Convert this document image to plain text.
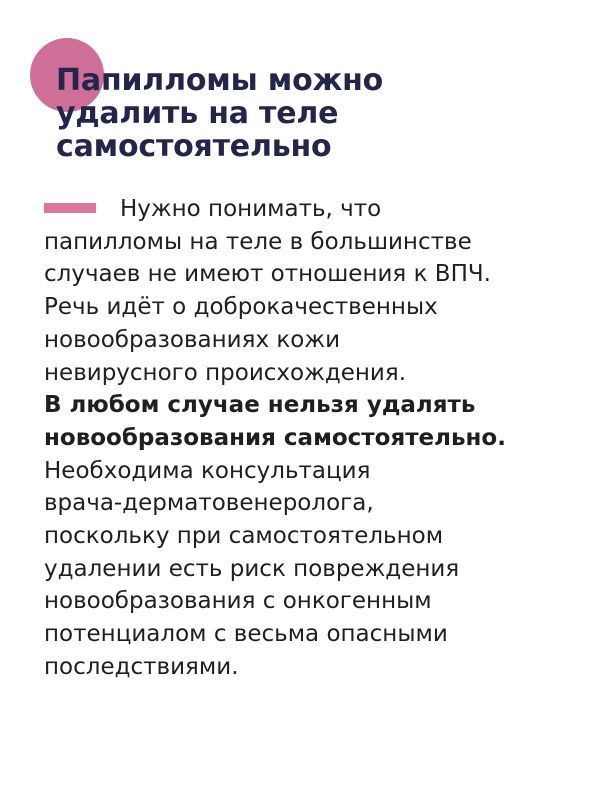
Папилломы можно
удалить на теле
самостоятельно
Нужно понимать, что
папилломы на теле в большинстве
случаев не имеют отношения к ВПЧ.
Речь идёт о доброкачественных
новообразованиях кожи
невирусного происхождения.
В любом случае нельзя удалять
новообразования самостоятельно.
Необходима консультация
врача-дерматовенеролога,
поскольку при самостоятельном
удалении есть риск повреждения
новообразования с онкогенным
потенциалом с весьма опасными
последствиями.
